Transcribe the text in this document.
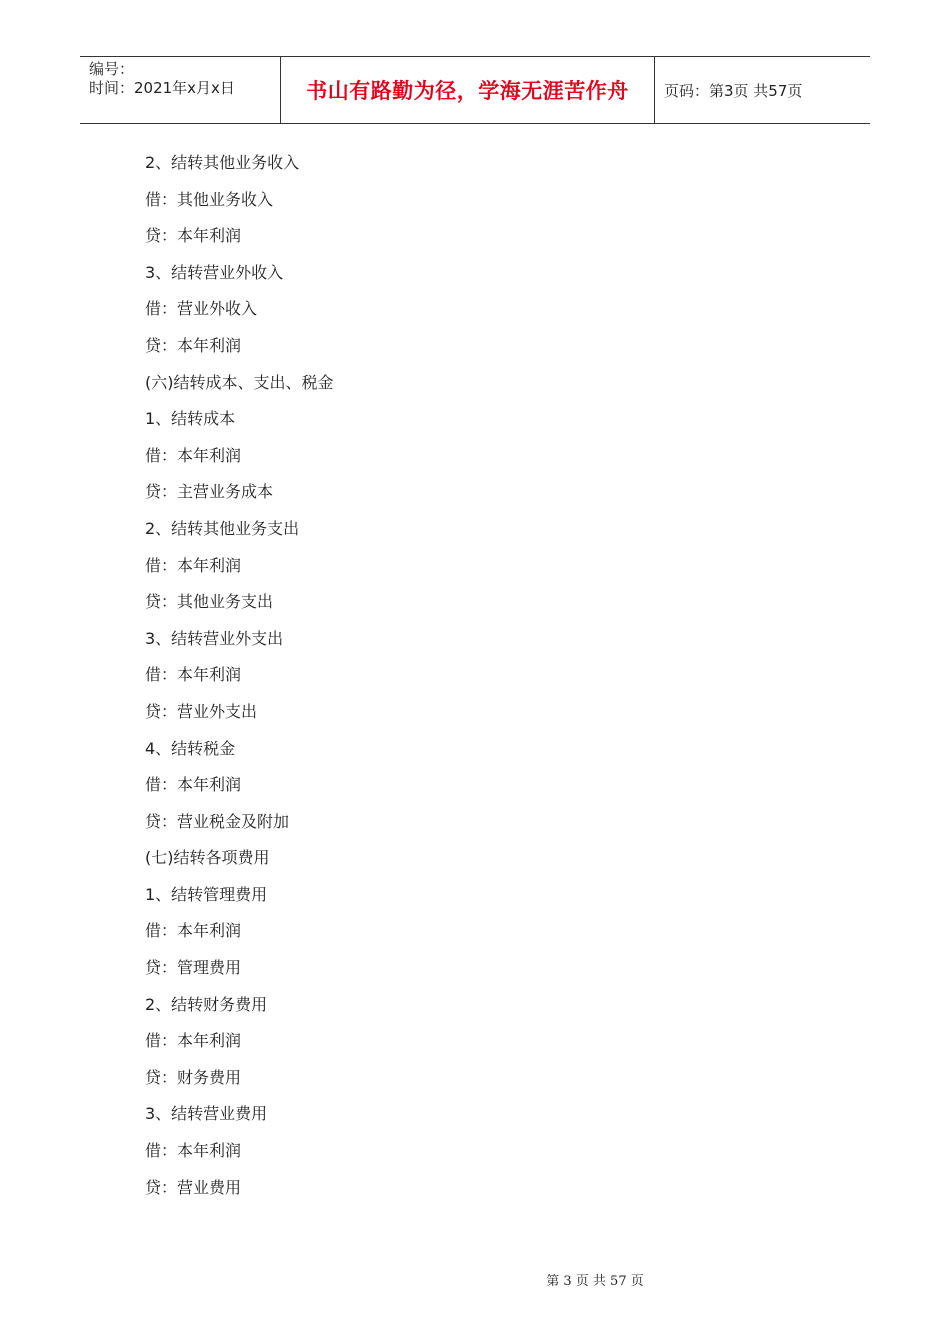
编号：
时间：2021年x月x日	书山有路勤为径，学海无涯苦作舟 页码：第3页 共57页
2、结转其他业务收入
借：其他业务收入
贷：本年利润
3、结转营业外收入
借：营业外收入
贷：本年利润
(六)结转成本、支出、税金
1、结转成本
借：本年利润
贷：主营业务成本
2、结转其他业务支出
借：本年利润
贷：其他业务支出
3、结转营业外支出
借：本年利润
贷：营业外支出
4、结转税金
借：本年利润
贷：营业税金及附加
(七)结转各项费用
1、结转管理费用
借：本年利润
贷：管理费用
2、结转财务费用
借：本年利润
贷：财务费用
3、结转营业费用
借：本年利润
贷：营业费用
第 3 页 共 57 页
